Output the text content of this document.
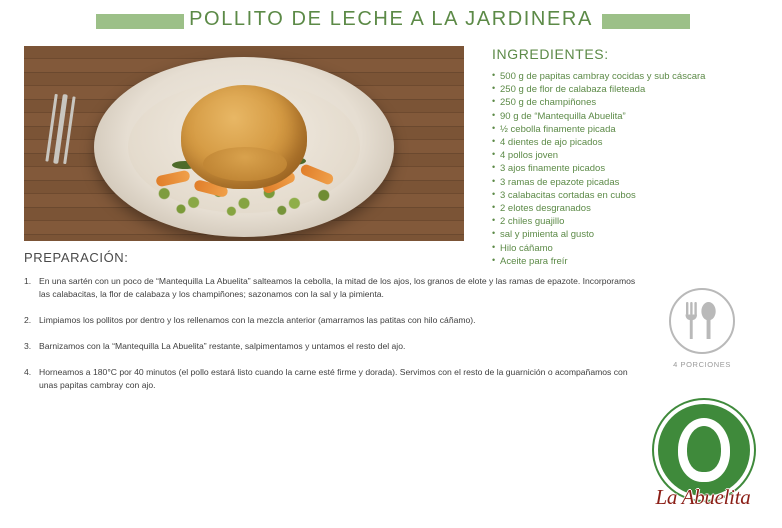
POLLITO DE LECHE A LA JARDINERA
INGREDIENTES:
• 500 g de papitas cambray cocidas y sub cáscara
• 250 g de flor de calabaza fileteada
• 250 g de champiñones
• 90 g de “Mantequilla Abuelita”
• ½ cebolla finamente picada
• 4 dientes de ajo picados
• 4 pollos joven
• 3 ajos finamente picados
• 3 ramas de epazote picadas
• 3 calabacitas cortadas en cubos
• 2 elotes desgranados
• 2 chiles guajillo
• sal y pimienta al gusto
• Hilo cáñamo
• Aceite para freír
PREPARACIÓN:
1. En una sartén con un poco de “Mantequilla La Abuelita” salteamos la cebolla, la mitad de los ajos, los granos de elote y las ramas de epazote. Incorporamos las calabacitas, la flor de calabaza y los champiñones; sazonamos con la sal y la pimienta.
2. Limpiamos los pollitos por dentro y los rellenamos con la mezcla anterior (amarramos las patitas con hilo cáñamo).
3. Barnizamos con la “Mantequilla La Abuelita” restante, salpimentamos y untamos el resto del ajo.
4. Horneamos a 180°C por 40 minutos (el pollo estará listo cuando la carne esté firme y dorada). Servimos con el resto de la guarnición o acompañamos con unas papitas cambray con ajo.
4 PORCIONES
La Abuelita
